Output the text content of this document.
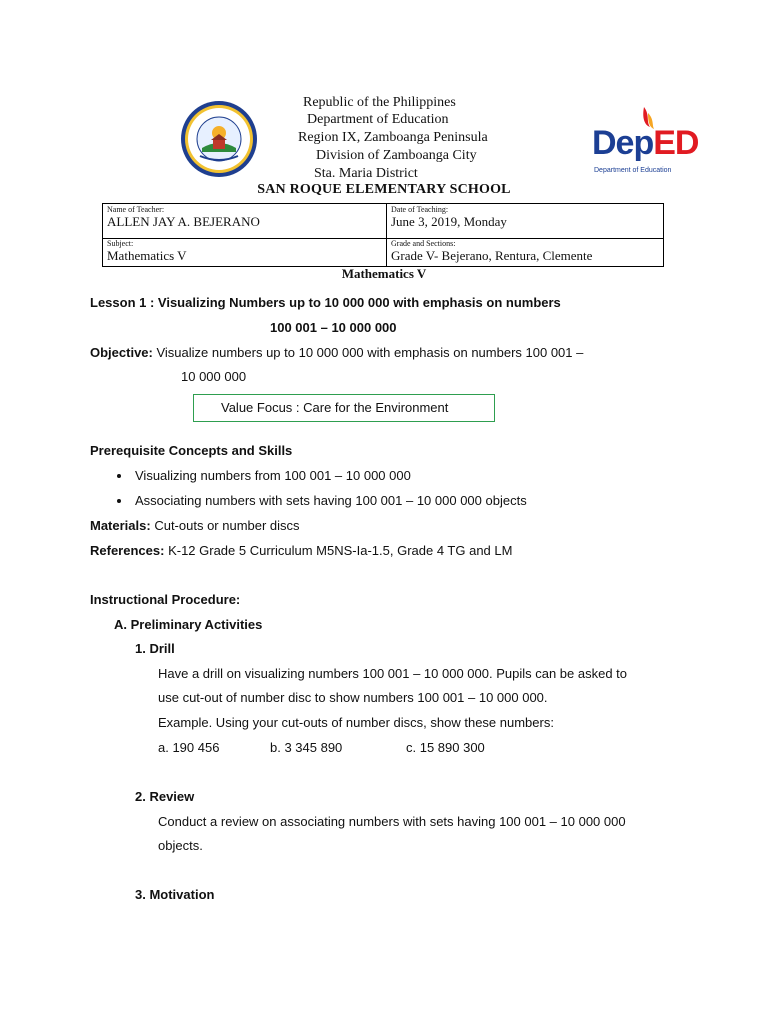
Republic of the Philippines
Department of Education
Region IX, Zamboanga Peninsula
Division of Zamboanga City
Sta. Maria District
DepED
Department of Education
SAN ROQUE ELEMENTARY SCHOOL
Name of Teacher:
ALLEN JAY A. BEJERANO
Date of Teaching:
June 3, 2019, Monday
Subject:
Mathematics V
Grade and Sections:
Grade V- Bejerano, Rentura, Clemente
Mathematics V
Lesson 1 : Visualizing Numbers up to 10 000 000 with emphasis on numbers
100 001 – 10 000 000
Objective: Visualize numbers up to 10 000 000 with emphasis on numbers 100 001 –
10 000 000
Value Focus : Care for the Environment
Prerequisite Concepts and Skills
Visualizing numbers from 100 001 – 10 000 000
Associating numbers with sets having 100 001 – 10 000 000 objects
Materials: Cut-outs or number discs
References: K-12 Grade 5 Curriculum M5NS-Ia-1.5, Grade 4 TG and LM
Instructional Procedure:
A. Preliminary Activities
1. Drill
Have a drill on visualizing numbers 100 001 – 10 000 000. Pupils can be asked to
use cut-out of number disc to show numbers 100 001 – 10 000 000.
Example. Using your cut-outs of number discs, show these numbers:
a. 190 456	b. 3 345 890	c. 15 890 300
2. Review
Conduct a review on associating numbers with sets having 100 001 – 10 000 000
objects.
3. Motivation
